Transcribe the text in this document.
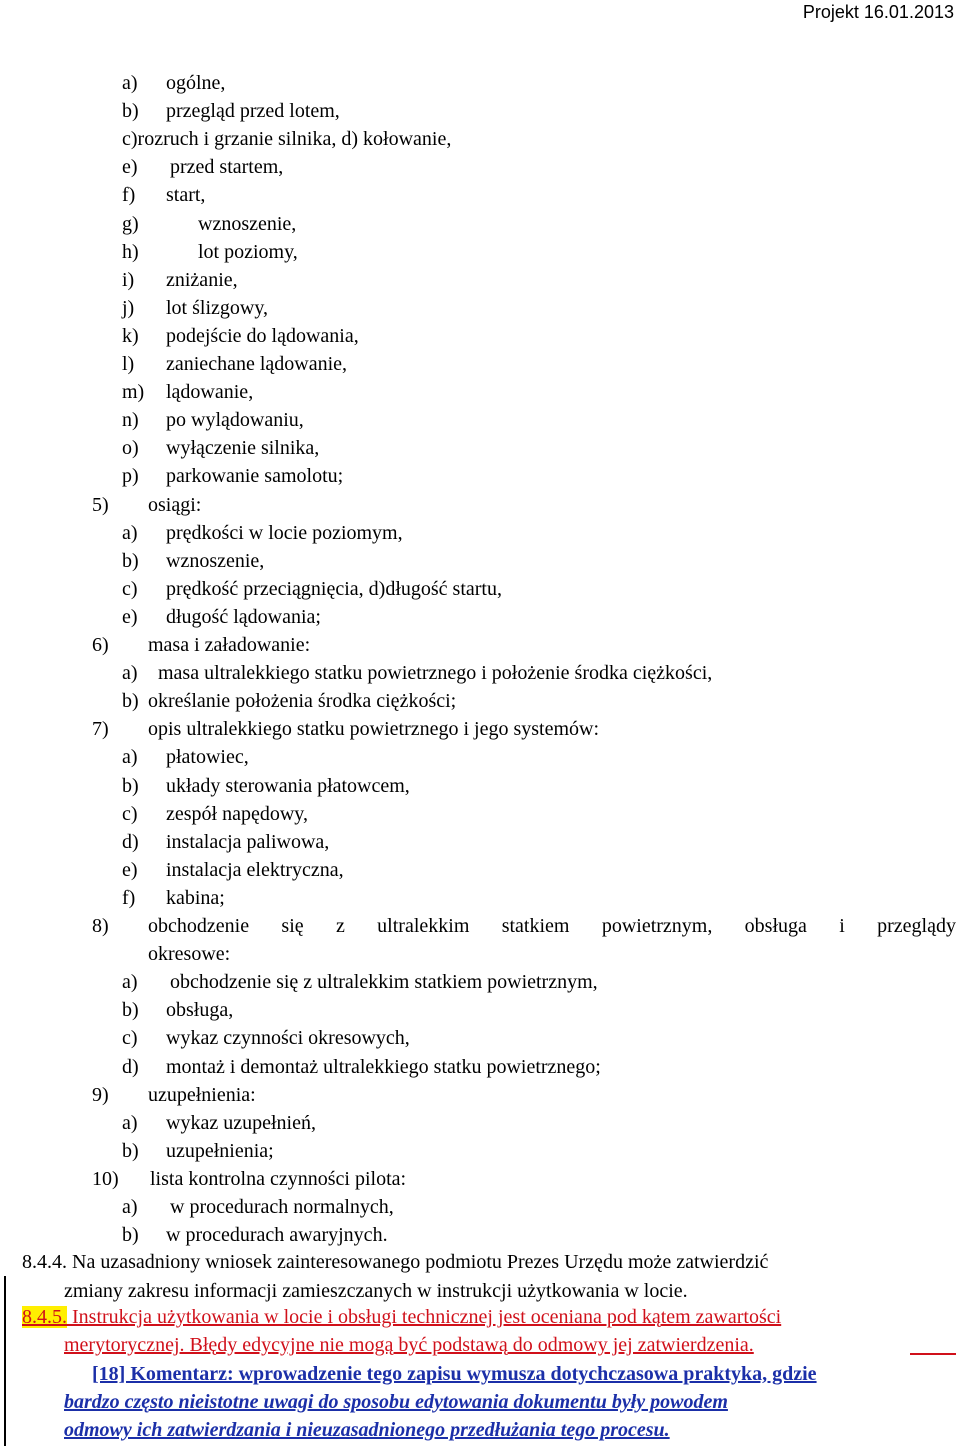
Projekt 16.01.2013
a) ogólne,
b) przegląd przed lotem,
c)rozruch i grzanie silnika, d) kołowanie,
e) przed startem,
f) start,
g)	wznoszenie,
h)	lot poziomy,
i) zniżanie,
j) lot ślizgowy,
k) podejście do lądowania,
l) zaniechane lądowanie,
m) lądowanie,
n) po wylądowaniu,
o) wyłączenie silnika,
p) parkowanie samolotu;
5) osiągi:
a) prędkości w locie poziomym,
b) wznoszenie,
c) prędkość przeciągnięcia, d)długość startu,
e) długość lądowania;
6) masa i załadowanie:
a) masa ultralekkiego statku powietrznego i położenie środka ciężkości,
b) określanie położenia środka ciężkości;
7) opis ultralekkiego statku powietrznego i jego systemów:
a) płatowiec,
b) układy sterowania płatowcem,
c) zespół napędowy,
d) instalacja paliwowa,
e) instalacja elektryczna,
f) kabina;
8) obchodzenie się z ultralekkim statkiem powietrznym, obsługa i przeglądy
okresowe:
a) obchodzenie się z ultralekkim statkiem powietrznym,
b) obsługa,
c) wykaz czynności okresowych,
d) montaż i demontaż ultralekkiego statku powietrznego;
9) uzupełnienia:
a) wykaz uzupełnień,
b) uzupełnienia;
10) lista kontrolna czynności pilota:
a) w procedurach normalnych,
b) w procedurach awaryjnych.
8.4.4. Na uzasadniony wniosek zainteresowanego podmiotu Prezes Urzędu może zatwierdzić
zmiany zakresu informacji zamieszczanych w instrukcji użytkowania w locie.
8.4.5. Instrukcja użytkowania w locie i obsługi technicznej jest oceniana pod kątem zawartości
merytorycznej. Błędy edycyjne nie mogą być podstawą do odmowy jej zatwierdzenia.
[18] Komentarz: wprowadzenie tego zapisu wymusza dotychczasowa praktyka, gdzie
bardzo często nieistotne uwagi do sposobu edytowania dokumentu były powodem
odmowy ich zatwierdzania i nieuzasadnionego przedłużania tego procesu.
